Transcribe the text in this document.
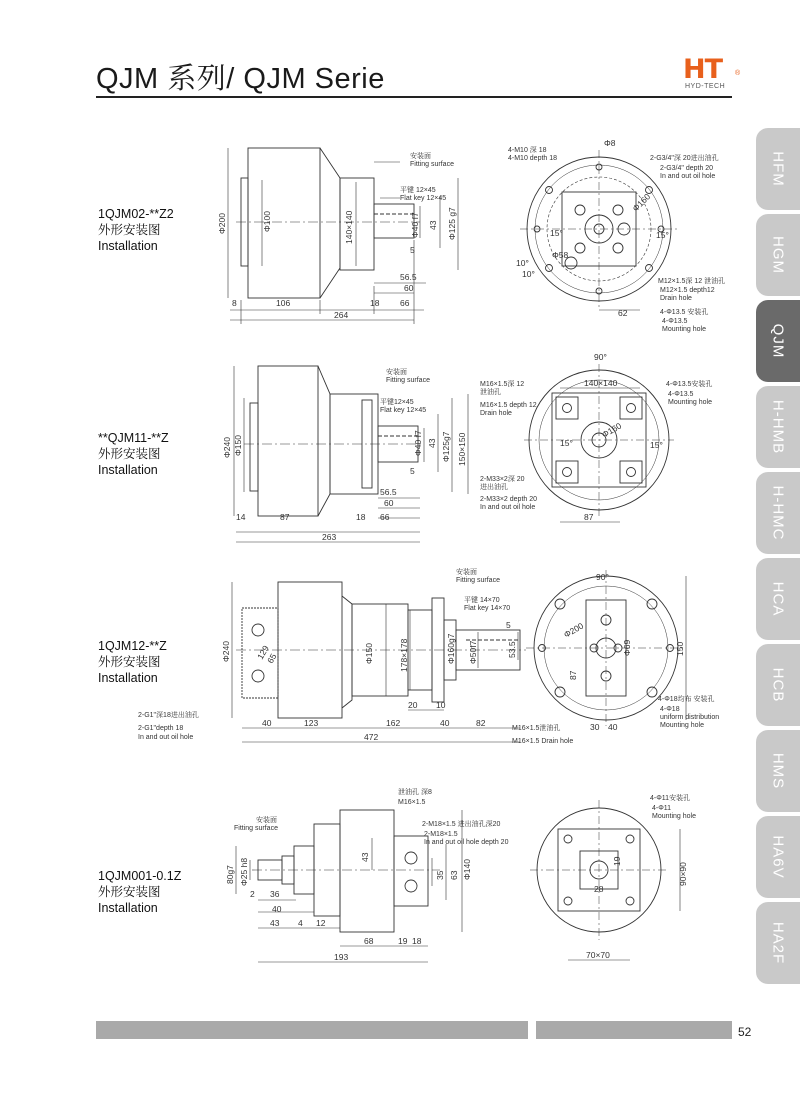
QJM 系列/ QJM Serie	HT ®
HYD-TECH
HFM
HGM
QJM
H-HMB
H-HMC
HCA
HCB
HMS
HA6V
HA2F
1QJM02-**Z2
外形安装图
Installation
**QJM11-**Z
外形安装图
Installation
1QJM12-**Z
外形安装图
Installation
1QJM001-0.1Z
外形安装图
Installation
安装面
Fitting surface
平键 12×45
Flat key 12×45
Φ200	Φ100	140×140	Φ40 f7 43 Φ125 g7
5
56.5
60
18 66
8	106
264
4-M10 深 18
4-M10 depth 18
Φ8
2-G3/4"深 20进出油孔
2-G3/4" depth 20
In and out oil hole
Φ160
Φ58
15°	15°
10°
10°
M12×1.5深 12 泄油孔
M12×1.5 depth12
Drain hole
62	4-Φ13.5 安装孔
4-Φ13.5
Mounting hole
安装面
Fitting surface
平键12×45
Flat key 12×45
Φ240 Φ150	Φ40 f7 43 Φ125g7 150×150
5
56.5
60
18 66
14	87
263
90°
140×140
M16×1.5深 12
泄油孔
M16×1.5 depth 12
Drain hole
4-Φ13.5安装孔
4-Φ13.5
Mounting hole
Φ160
15°	15°
2-M33×2深 20
进出油孔
2-M33×2 depth 20
In and out oil hole
87
安装面
Fitting surface
平键 14×70
Flat key 14×70
Φ240	Φ150	178×178	Φ160g7 Φ50f7	53.5
5
129
65
2-G1"深18进出油孔
2-G1"depth 18
In and out oil hole
40	123	162	40	82
20 10
472
90°
Φ200
Φ69
87
150
4-Φ18均布 安装孔
4-Φ18
uniform distribution
Mounting hole
M16×1.5泄油孔
M16×1.5 Drain hole
30 40
安装面
Fitting surface
泄油孔 深8
M16×1.5
2-M18×1.5 进出油孔深20
2-M18×1.5
In and out oil hole depth 20
43
35 63 Φ140
80g7 Φ25 h8
2 36
40
43 4 12
68	19 18
193
4-Φ11安装孔
4-Φ11
Mounting hole
19
28
90×90
70×70
52
